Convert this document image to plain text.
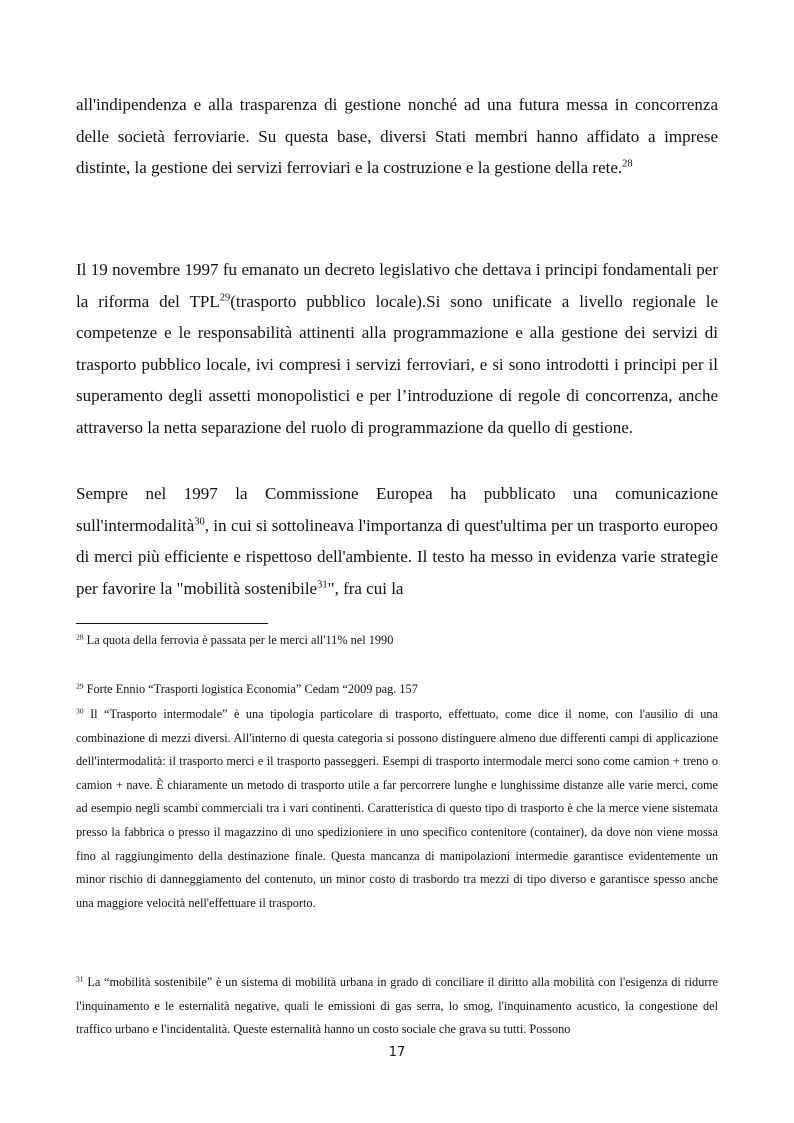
all'indipendenza e alla trasparenza di gestione nonché ad una futura messa in concorrenza delle società ferroviarie. Su questa base, diversi Stati membri hanno affidato a imprese distinte, la gestione dei servizi ferroviari e la costruzione e la gestione della rete.$^{28}$

Il 19 novembre 1997 fu emanato un decreto legislativo che dettava i principi fondamentali per la riforma del TPL$^{29}$(trasporto pubblico locale).Si sono unificate a livello regionale le competenze e le responsabilità attinenti alla programmazione e alla gestione dei servizi di trasporto pubblico locale, ivi compresi i servizi ferroviari, e si sono introdotti i principi per il superamento degli assetti monopolistici e per l’introduzione di regole di concorrenza, anche attraverso la netta separazione del ruolo di programmazione da quello di gestione.

Sempre nel 1997 la Commissione Europea ha pubblicato una comunicazione sull'intermodalità$^{30}$, in cui si sottolineava l'importanza di quest'ultima per un trasporto europeo di merci più efficiente e rispettoso dell'ambiente. Il testo ha messo in evidenza varie strategie per favorire la "mobilità sostenibile$^{31}$", fra cui la

$^{28}$ La quota della ferrovia è passata per le merci all'11% nel 1990

$^{29}$ Forte Ennio “Trasporti logistica Economia” Cedam “2009 pag. 157

$^{30}$ Il “Trasporto intermodale” è una tipologia particolare di trasporto, effettuato, come dice il nome, con l'ausilio di una combinazione di mezzi diversi. All'interno di questa categoria si possono distinguere almeno due differenti campi di applicazione dell'intermodalità: il trasporto merci e il trasporto passeggeri. Esempi di trasporto intermodale merci sono come camion + treno o camion + nave. È chiaramente un metodo di trasporto utile a far percorrere lunghe e lunghissime distanze alle varie merci, come ad esempio negli scambi commerciali tra i vari continenti. Caratteristica di questo tipo di trasporto è che la merce viene sistemata presso la fabbrica o presso il magazzino di uno spedizioniere in uno specifico contenitore (container), da dove non viene mossa fino al raggiungimento della destinazione finale. Questa mancanza di manipolazioni intermedie garantisce evidentemente un minor rischio di danneggiamento del contenuto, un minor costo di trasbordo tra mezzi di tipo diverso e garantisce spesso anche una maggiore velocità nell'effettuare il trasporto.

$^{31}$ La “mobilità sostenibile” è un sistema di mobilità urbana in grado di conciliare il diritto alla mobilità con l'esigenza di ridurre l'inquinamento e le esternalità negative, quali le emissioni di gas serra, lo smog, l'inquinamento acustico, la congestione del traffico urbano e l'incidentalità. Queste esternalità hanno un costo sociale che grava su tutti. Possono

17
